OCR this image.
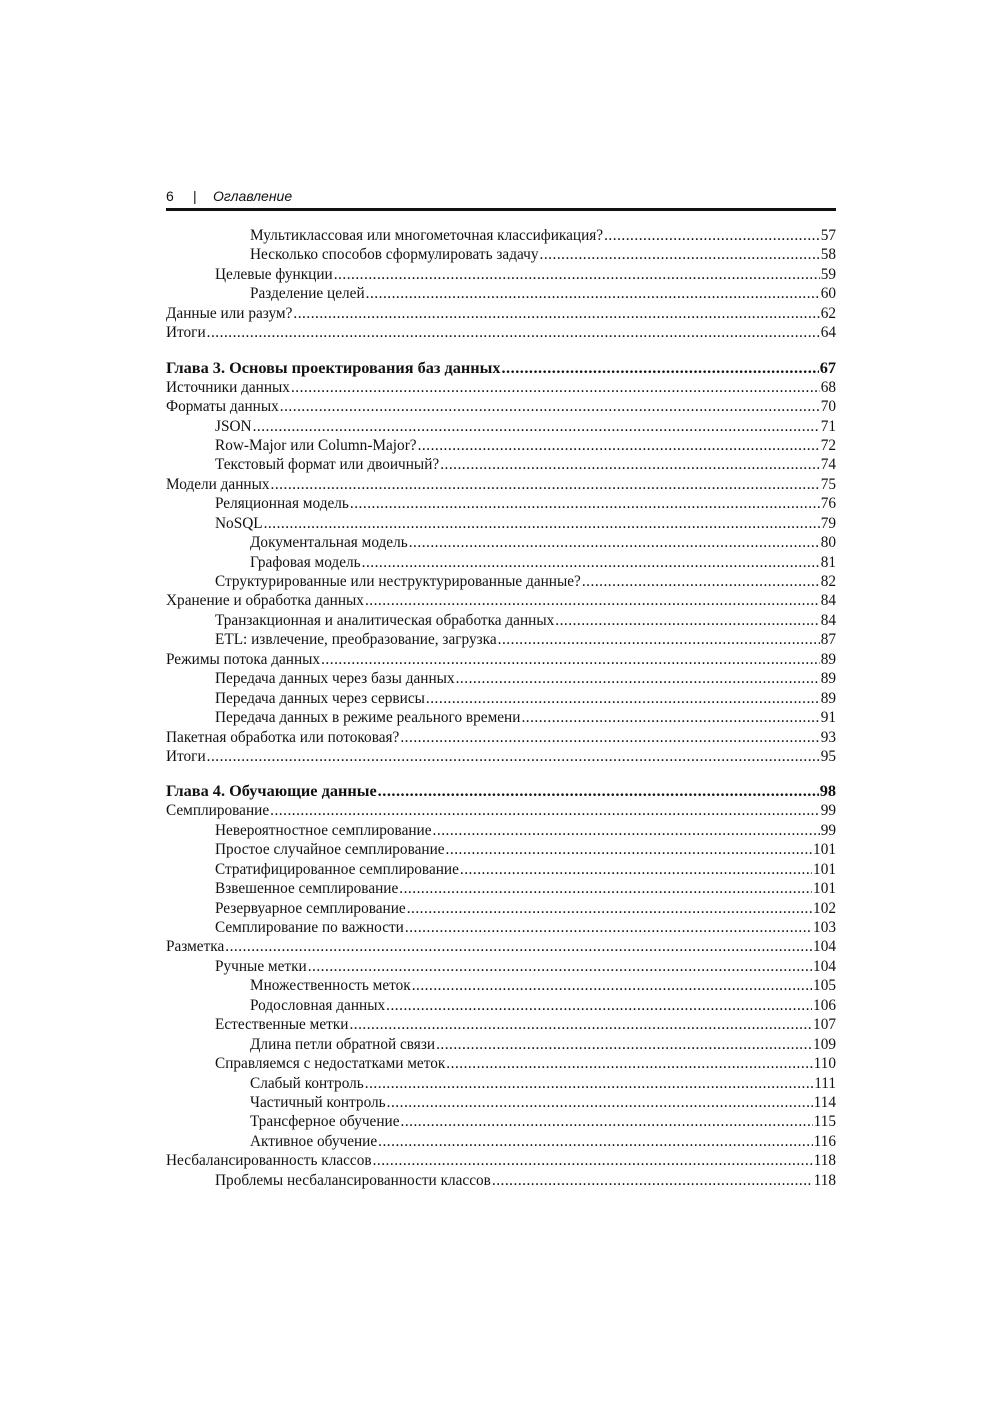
6 | Оглавление
Мультиклассовая или многометочная классификация? .....	57
Несколько способов сформулировать задачу .....	58
Целевые функции .....	59
Разделение целей .....	60
Данные или разум? .....	62
Итоги .....	64
Глава 3. Основы проектирования баз данных .....	67
Источники данных .....	68
Форматы данных .....	70
JSON .....	71
Row-Major или Column-Major? .....	72
Текстовый формат или двоичный? .....	74
Модели данных .....	75
Реляционная модель .....	76
NoSQL .....	79
Документальная модель .....	80
Графовая модель .....	81
Структурированные или неструктурированные данные? .....	82
Хранение и обработка данных .....	84
Транзакционная и аналитическая обработка данных .....	84
ETL: извлечение, преобразование, загрузка .....	87
Режимы потока данных .....	89
Передача данных через базы данных .....	89
Передача данных через сервисы .....	89
Передача данных в режиме реального времени .....	91
Пакетная обработка или потоковая? .....	93
Итоги .....	95
Глава 4. Обучающие данные .....	98
Семплирование .....	99
Невероятностное семплирование .....	99
Простое случайное семплирование .....	101
Стратифицированное семплирование .....	101
Взвешенное семплирование .....	101
Резервуарное семплирование .....	102
Семплирование по важности .....	103
Разметка .....	104
Ручные метки .....	104
Множественность меток .....	105
Родословная данных .....	106
Естественные метки .....	107
Длина петли обратной связи .....	109
Справляемся с недостатками меток .....	110
Слабый контроль .....	111
Частичный контроль .....	114
Трансферное обучение .....	115
Активное обучение .....	116
Несбалансированность классов .....	118
Проблемы несбалансированности классов .....	118
